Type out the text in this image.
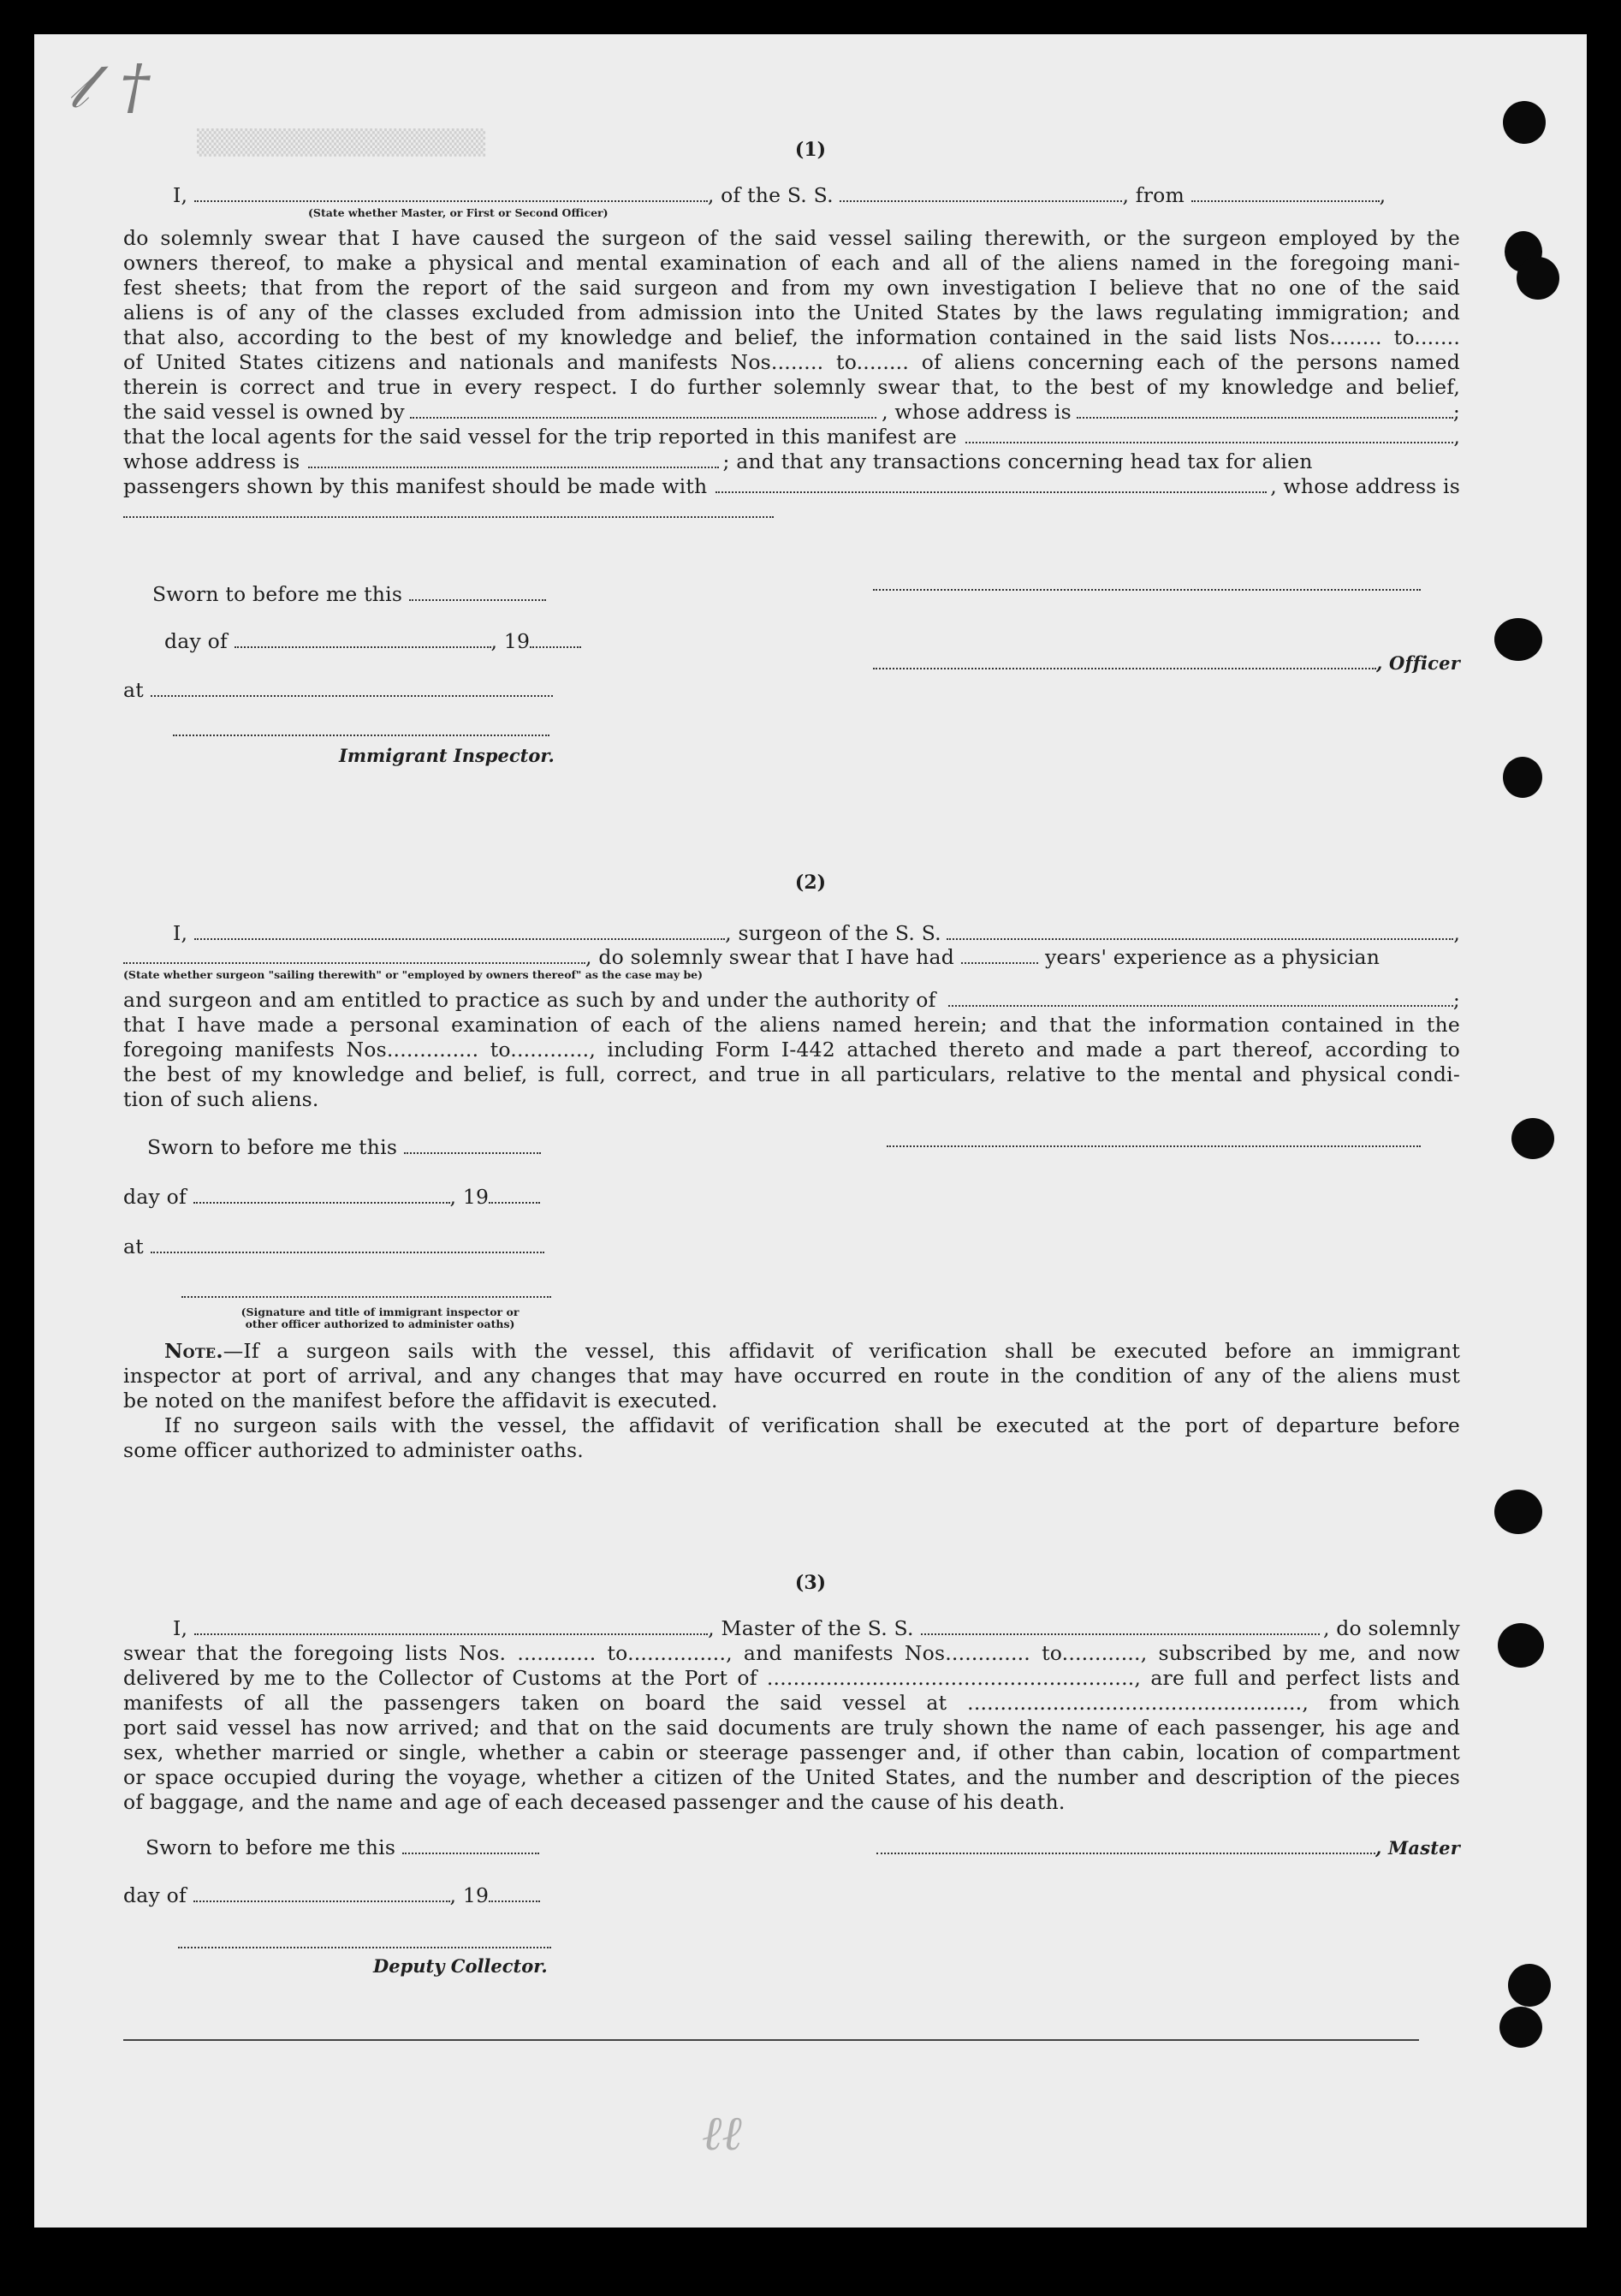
𝓁 †
▒▒▒▒▒▒▒▒▒▒▒▒▒▒▒▒▒▒▒▒	(1)
I,	, of the S. S.	, from	,
(State whether Master, or First or Second Officer)
do solemnly swear that I have caused the surgeon of the said vessel sailing therewith, or the surgeon employed by the
owners thereof, to make a physical and mental examination of each and all of the aliens named in the foregoing mani-
fest sheets; that from the report of the said surgeon and from my own investigation I believe that no one of the said
aliens is of any of the classes excluded from admission into the United States by the laws regulating immigration; and
that also, according to the best of my knowledge and belief, the information contained in the said lists Nos........ to.......
of United States citizens and nationals and manifests Nos........ to........ of aliens concerning each of the persons named
therein is correct and true in every respect. I do further solemnly swear that, to the best of my knowledge and belief,
the said vessel is owned by	, whose address is	;
that the local agents for the said vessel for the trip reported in this manifest are	,
whose address is	; and that any transactions concerning head tax for alien
passengers shown by this manifest should be made with	, whose address is
Sworn to before me this
day of	, 19
at
Immigrant Inspector.
, Officer
(2)
I,	, surgeon of the S. S.	,
, do solemnly swear that I have had	years' experience as a physician
(State whether surgeon "sailing therewith" or "employed by owners thereof" as the case may be)
and surgeon and am entitled to practice as such by and under the authority of	;
that I have made a personal examination of each of the aliens named herein; and that the information contained in the
foregoing manifests Nos.............. to............, including Form I-442 attached thereto and made a part thereof, according to
the best of my knowledge and belief, is full, correct, and true in all particulars, relative to the mental and physical condi-
tion of such aliens.
Sworn to before me this
day of	, 19
at
(Signature and title of immigrant inspector or
other officer authorized to administer oaths)
Note.—If a surgeon sails with the vessel, this affidavit of verification shall be executed before an immigrant
inspector at port of arrival, and any changes that may have occurred en route in the condition of any of the aliens must
be noted on the manifest before the affidavit is executed.
If no surgeon sails with the vessel, the affidavit of verification shall be executed at the port of departure before
some officer authorized to administer oaths.
(3)
I,	, Master of the S. S.	, do solemnly
swear that the foregoing lists Nos. ............ to..............., and manifests Nos............. to............, subscribed by me, and now
delivered by me to the Collector of Customs at the Port of ........................................................, are full and perfect lists and
manifests of all the passengers taken on board the said vessel at ..................................................., from which
port said vessel has now arrived; and that on the said documents are truly shown the name of each passenger, his age and
sex, whether married or single, whether a cabin or steerage passenger and, if other than cabin, location of compartment
or space occupied during the voyage, whether a citizen of the United States, and the number and description of the pieces
of baggage, and the name and age of each deceased passenger and the cause of his death.
Sworn to before me this
day of	, 19
Deputy Collector.
, Master
ℓℓ
